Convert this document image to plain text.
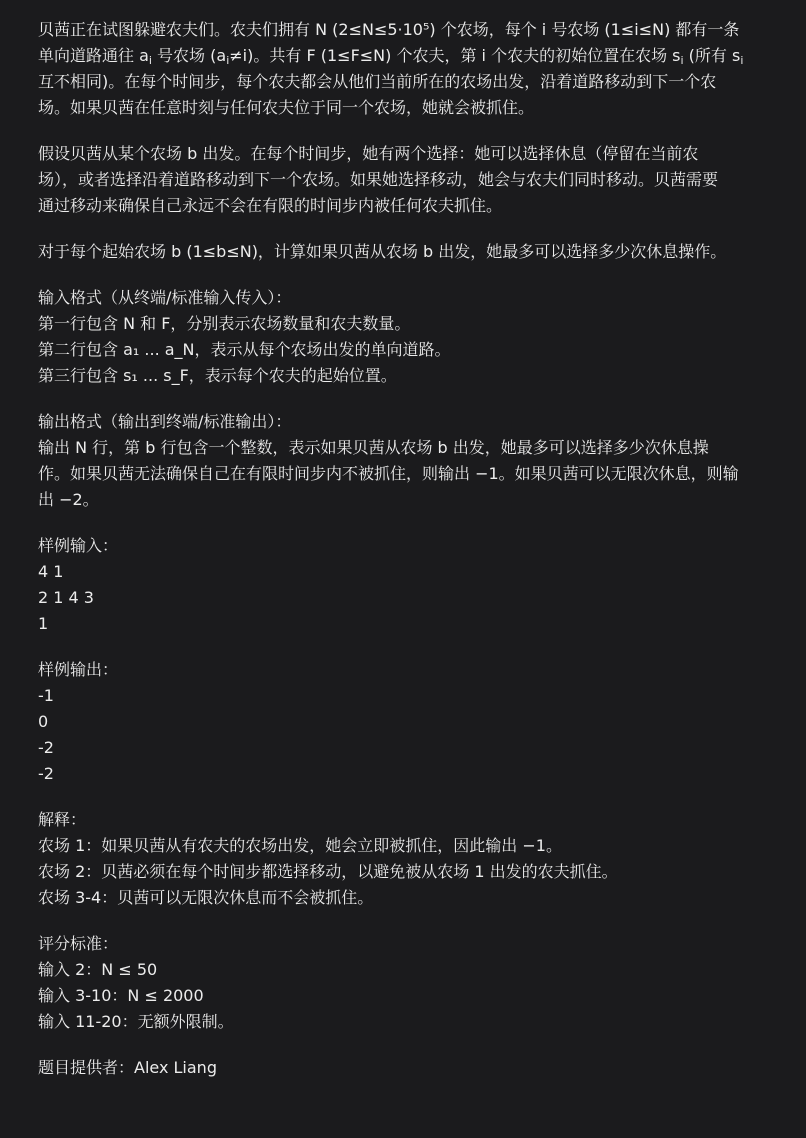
贝茜正在试图躲避农夫们。农夫们拥有 N (2≤N≤5·10⁵) 个农场，每个 i 号农场 (1≤i≤N) 都有一条
单向道路通往 $a_i$ 号农场 $(a_i\ne i)$。共有 F (1≤F≤N) 个农夫，第 i 个农夫的初始位置在农场 $s_i$ (所有 $s_i$
互不相同)。在每个时间步，每个农夫都会从他们当前所在的农场出发，沿着道路移动到下一个农
场。如果贝茜在任意时刻与任何农夫位于同一个农场，她就会被抓住。
假设贝茜从某个农场 b 出发。在每个时间步，她有两个选择：她可以选择休息（停留在当前农
场），或者选择沿着道路移动到下一个农场。如果她选择移动，她会与农夫们同时移动。贝茜需要
通过移动来确保自己永远不会在有限的时间步内被任何农夫抓住。
对于每个起始农场 b (1≤b≤N)，计算如果贝茜从农场 b 出发，她最多可以选择多少次休息操作。
输入格式（从终端/标准输入传入）：
第一行包含 N 和 F，分别表示农场数量和农夫数量。
第二行包含 a₁ ... a_N，表示从每个农场出发的单向道路。
第三行包含 s₁ ... s_F，表示每个农夫的起始位置。
输出格式（输出到终端/标准输出）：
输出 N 行，第 b 行包含一个整数，表示如果贝茜从农场 b 出发，她最多可以选择多少次休息操
作。如果贝茜无法确保自己在有限时间步内不被抓住，则输出 −1。如果贝茜可以无限次休息，则输
出 −2。
样例输入：
4 1
2 1 4 3
1
样例输出：
-1
0
-2
-2
解释：
农场 1：如果贝茜从有农夫的农场出发，她会立即被抓住，因此输出 −1。
农场 2：贝茜必须在每个时间步都选择移动，以避免被从农场 1 出发的农夫抓住。
农场 3-4：贝茜可以无限次休息而不会被抓住。
评分标准：
输入 2：N ≤ 50
输入 3-10：N ≤ 2000
输入 11-20：无额外限制。
题目提供者：Alex Liang
